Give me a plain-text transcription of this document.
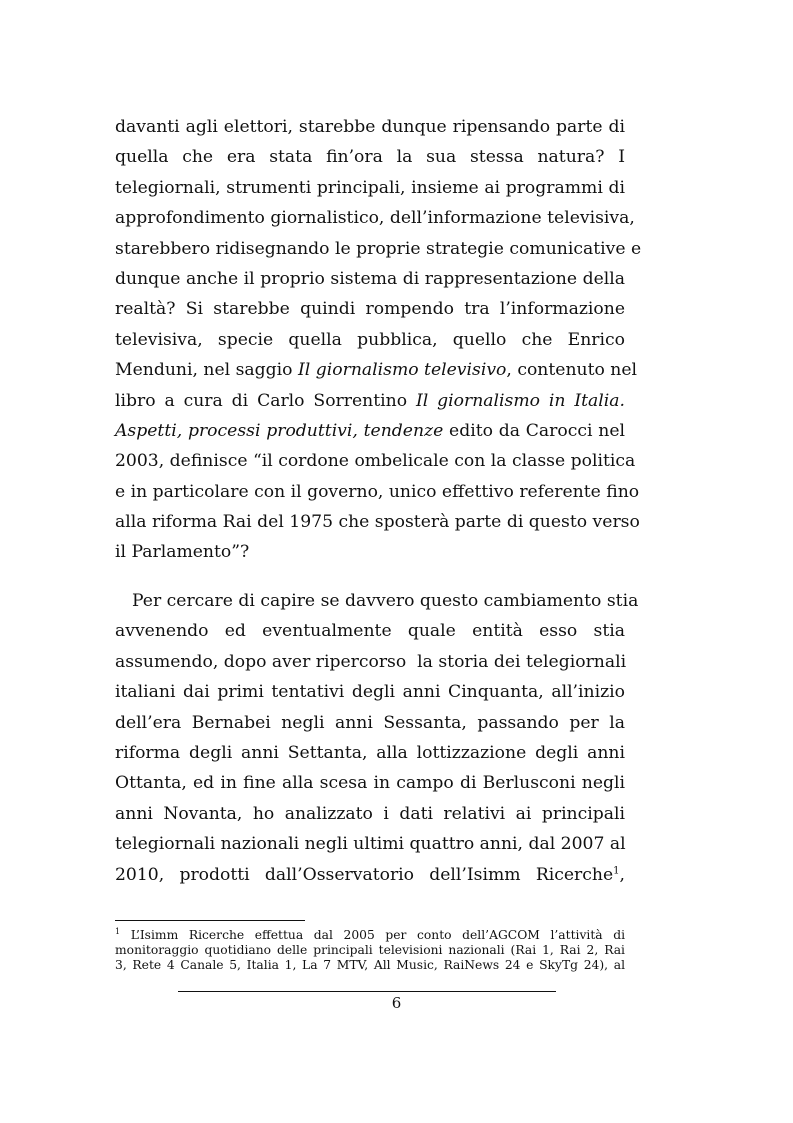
davanti agli elettori, starebbe dunque ripensando parte di
quella che era stata fin’ora la sua stessa natura? I
telegiornali, strumenti principali, insieme ai programmi di
approfondimento giornalistico, dell’informazione televisiva,
starebbero ridisegnando le proprie strategie comunicative e
dunque anche il proprio sistema di rappresentazione della
realtà? Si starebbe quindi rompendo tra l’informazione
televisiva, specie quella pubblica, quello che Enrico
Menduni, nel saggio Il giornalismo televisivo, contenuto nel
libro a cura di Carlo Sorrentino Il giornalismo in Italia.
Aspetti, processi produttivi, tendenze edito da Carocci nel
2003, definisce “il cordone ombelicale con la classe politica
e in particolare con il governo, unico effettivo referente fino
alla riforma Rai del 1975 che sposterà parte di questo verso
il Parlamento”?
Per cercare di capire se davvero questo cambiamento stia
avvenendo ed eventualmente quale entità esso stia
assumendo, dopo aver ripercorso  la storia dei telegiornali
italiani dai primi tentativi degli anni Cinquanta, all’inizio
dell’era Bernabei negli anni Sessanta, passando per la
riforma degli anni Settanta, alla lottizzazione degli anni
Ottanta, ed in fine alla scesa in campo di Berlusconi negli
anni Novanta, ho analizzato i dati relativi ai principali
telegiornali nazionali negli ultimi quattro anni, dal 2007 al
2010, prodotti dall’Osservatorio dell’Isimm Ricerche$^1$,
$^1$ L’Isimm Ricerche effettua dal 2005 per conto dell’AGCOM l’attività di
monitoraggio quotidiano delle principali televisioni nazionali (Rai 1, Rai 2, Rai
3, Rete 4 Canale 5, Italia 1, La 7 MTV, All Music, RaiNews 24 e SkyTg 24), al
6
